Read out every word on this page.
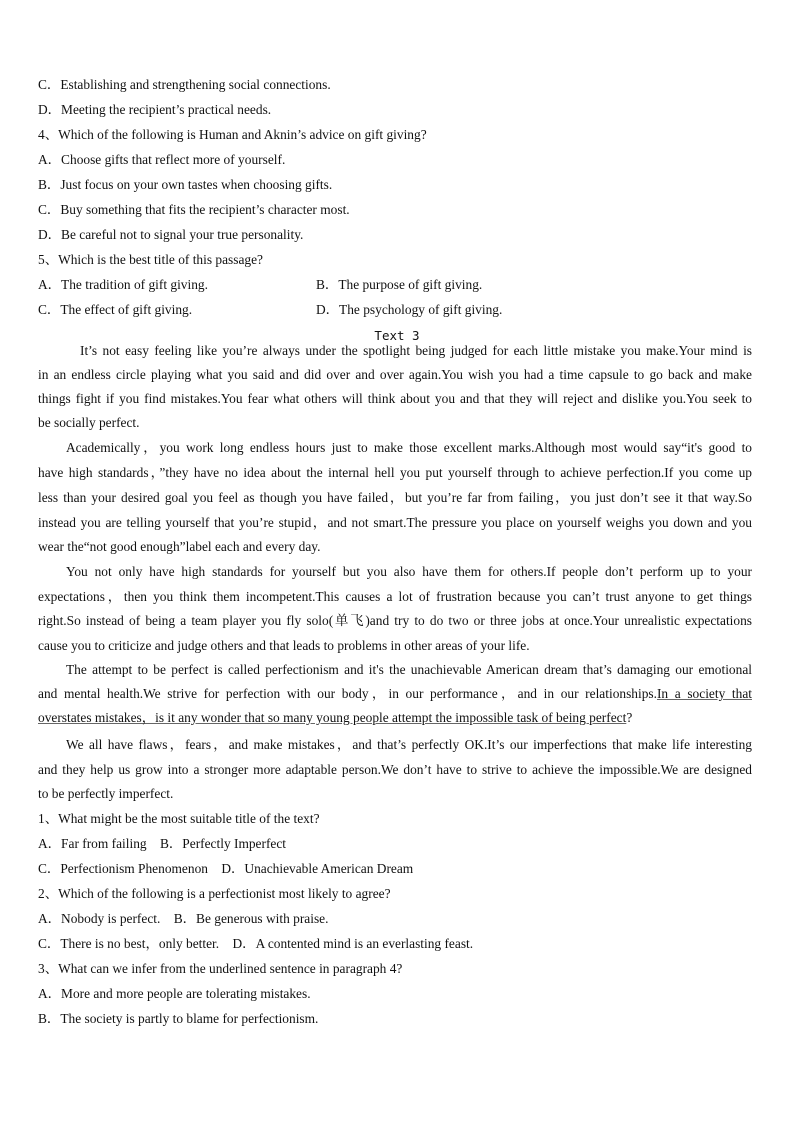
Text 3
C．Establishing and strengthening social connections.
D．Meeting the recipient’s practical needs.
4、Which of the following is Human and Aknin’s advice on gift giving?
A．Choose gifts that reflect more of yourself.
B．Just focus on your own tastes when choosing gifts.
C．Buy something that fits the recipient’s character most.
D．Be careful not to signal your true personality.
5、Which is the best title of this passage?
A．The tradition of gift giving.	B．The purpose of gift giving.
C．The effect of gift giving.	D．The psychology of gift giving.
It’s not easy feeling like you’re always under the spotlight being judged for each little mistake you make.Your mind is
in an endless circle playing what you said and did over and over again.You wish you had a time capsule to go back and make
things fight if you find mistakes.You fear what others will think about you and that they will reject and dislike you.You seek to
be socially perfect.
Academically，you work long endless hours just to make those excellent marks.Although most would say“it's good to
have high standards，”they have no idea about the internal hell you put yourself through to achieve perfection.If you come up
less than your desired goal you feel as though you have failed，but you’re far from failing，you just don’t see it that way.So
instead you are telling yourself that you’re stupid，and not smart.The pressure you place on yourself weighs you down and you
wear the“not good enough”label each and every day.
You not only have high standards for yourself but you also have them for others.If people don’t perform up to your
expectations，then you think them incompetent.This causes a lot of frustration because you can’t trust anyone to get things
right.So instead of being a team player you fly solo(单飞)and try to do two or three jobs at once.Your unrealistic expectations
cause you to criticize and judge others and that leads to problems in other areas of your life.
The attempt to be perfect is called perfectionism and it's the unachievable American dream that’s damaging our emotional
and mental health.We strive for perfection with our body，in our performance，and in our relationships.In a society that
overstates mistakes，is it any wonder that so many young people attempt the impossible task of being perfect?
We all have flaws，fears，and make mistakes，and that’s perfectly OK.It’s our imperfections that make life interesting
and they help us grow into a stronger more adaptable person.We don’t have to strive to achieve the impossible.We are designed
to be perfectly imperfect.
1、What might be the most suitable title of the text?
A．Far from failing　B．Perfectly Imperfect
C．Perfectionism Phenomenon　D．Unachievable American Dream
2、Which of the following is a perfectionist most likely to agree?
A．Nobody is perfect.　B．Be generous with praise.
C．There is no best，only better.　D．A contented mind is an everlasting feast.
3、What can we infer from the underlined sentence in paragraph 4?
A．More and more people are tolerating mistakes.
B．The society is partly to blame for perfectionism.
